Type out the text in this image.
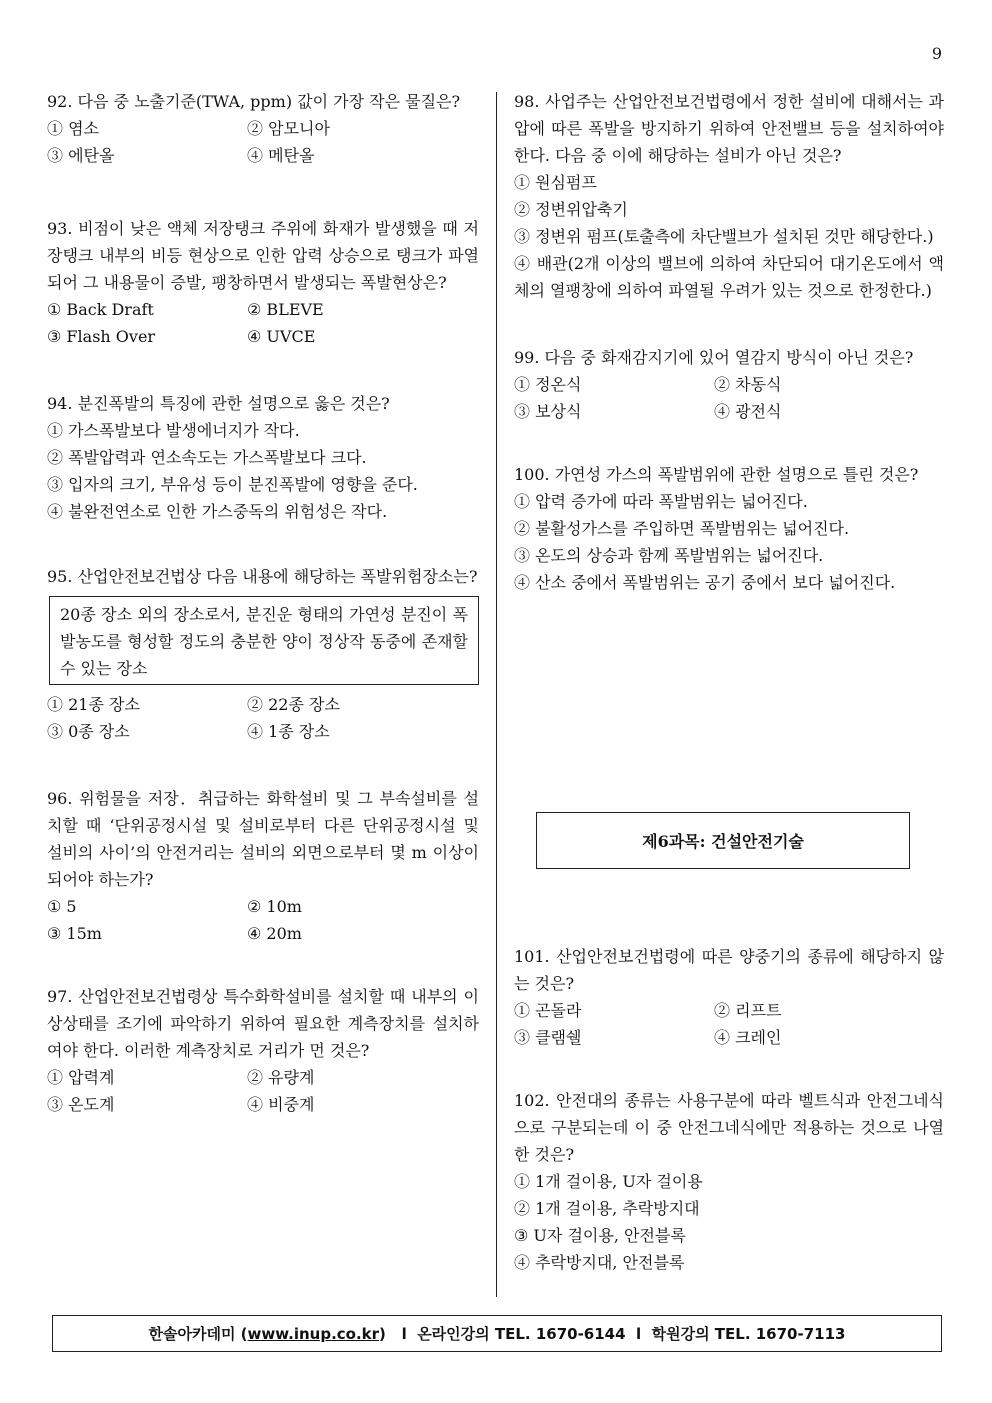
9
92. 다음 중 노출기준(TWA, ppm) 값이 가장 작은 물질은?
① 염소	② 암모니아
③ 에탄올	④ 메탄올
93. 비점이 낮은 액체 저장탱크 주위에 화재가 발생했을 때 저장탱크 내부의 비등 현상으로 인한 압력 상승으로 탱크가 파열되어 그 내용물이 증발, 팽창하면서 발생되는 폭발현상은?
① Back Draft	② BLEVE
③ Flash Over	④ UVCE
94. 분진폭발의 특징에 관한 설명으로 옳은 것은?
① 가스폭발보다 발생에너지가 작다.
② 폭발압력과 연소속도는 가스폭발보다 크다.
③ 입자의 크기, 부유성 등이 분진폭발에 영향을 준다.
④ 불완전연소로 인한 가스중독의 위험성은 작다.
95. 산업안전보건법상 다음 내용에 해당하는 폭발위험장소는?
20종 장소 외의 장소로서, 분진운 형태의 가연성 분진이 폭발농도를 형성할 정도의 충분한 양이 정상작 동중에 존재할 수 있는 장소
① 21종 장소	② 22종 장소
③ 0종 장소	④ 1종 장소
96. 위험물을 저장．취급하는 화학설비 및 그 부속설비를 설치할 때 ‘단위공정시설 및 설비로부터 다른 단위공정시설 및 설비의 사이’의 안전거리는 설비의 외면으로부터 몇 m 이상이 되어야 하는가?
① 5	② 10m
③ 15m	④ 20m
97. 산업안전보건법령상 특수화학설비를 설치할 때 내부의 이상상태를 조기에 파악하기 위하여 필요한 계측장치를 설치하여야 한다. 이러한 계측장치로 거리가 먼 것은?
① 압력계	② 유량계
③ 온도계	④ 비중계
98. 사업주는 산업안전보건법령에서 정한 설비에 대해서는 과압에 따른 폭발을 방지하기 위하여 안전밸브 등을 설치하여야 한다. 다음 중 이에 해당하는 설비가 아닌 것은?
① 원심펌프
② 정변위압축기
③ 정변위 펌프(토출측에 차단밸브가 설치된 것만 해당한다.)
④ 배관(2개 이상의 밸브에 의하여 차단되어 대기온도에서 액체의 열팽창에 의하여 파열될 우려가 있는 것으로 한정한다.)
99. 다음 중 화재감지기에 있어 열감지 방식이 아닌 것은?
① 정온식	② 차동식
③ 보상식	④ 광전식
100. 가연성 가스의 폭발범위에 관한 설명으로 틀린 것은?
① 압력 증가에 따라 폭발범위는 넓어진다.
② 불활성가스를 주입하면 폭발범위는 넓어진다.
③ 온도의 상승과 함께 폭발범위는 넓어진다.
④ 산소 중에서 폭발범위는 공기 중에서 보다 넓어진다.
제6과목: 건설안전기술
101. 산업안전보건법령에 따른 양중기의 종류에 해당하지 않는 것은?
① 곤돌라	② 리프트
③ 클램쉘	④ 크레인
102. 안전대의 종류는 사용구분에 따라 벨트식과 안전그네식으로 구분되는데 이 중 안전그네식에만 적용하는 것으로 나열한 것은?
① 1개 걸이용, U자 걸이용
② 1개 걸이용, 추락방지대
③ U자 걸이용, 안전블록
④ 추락방지대, 안전블록
한솔아카데미 ( www.inup.co.kr ) l
온라인강의 TEL. 1670-6144
l
학원강의 TEL. 1670-7113
